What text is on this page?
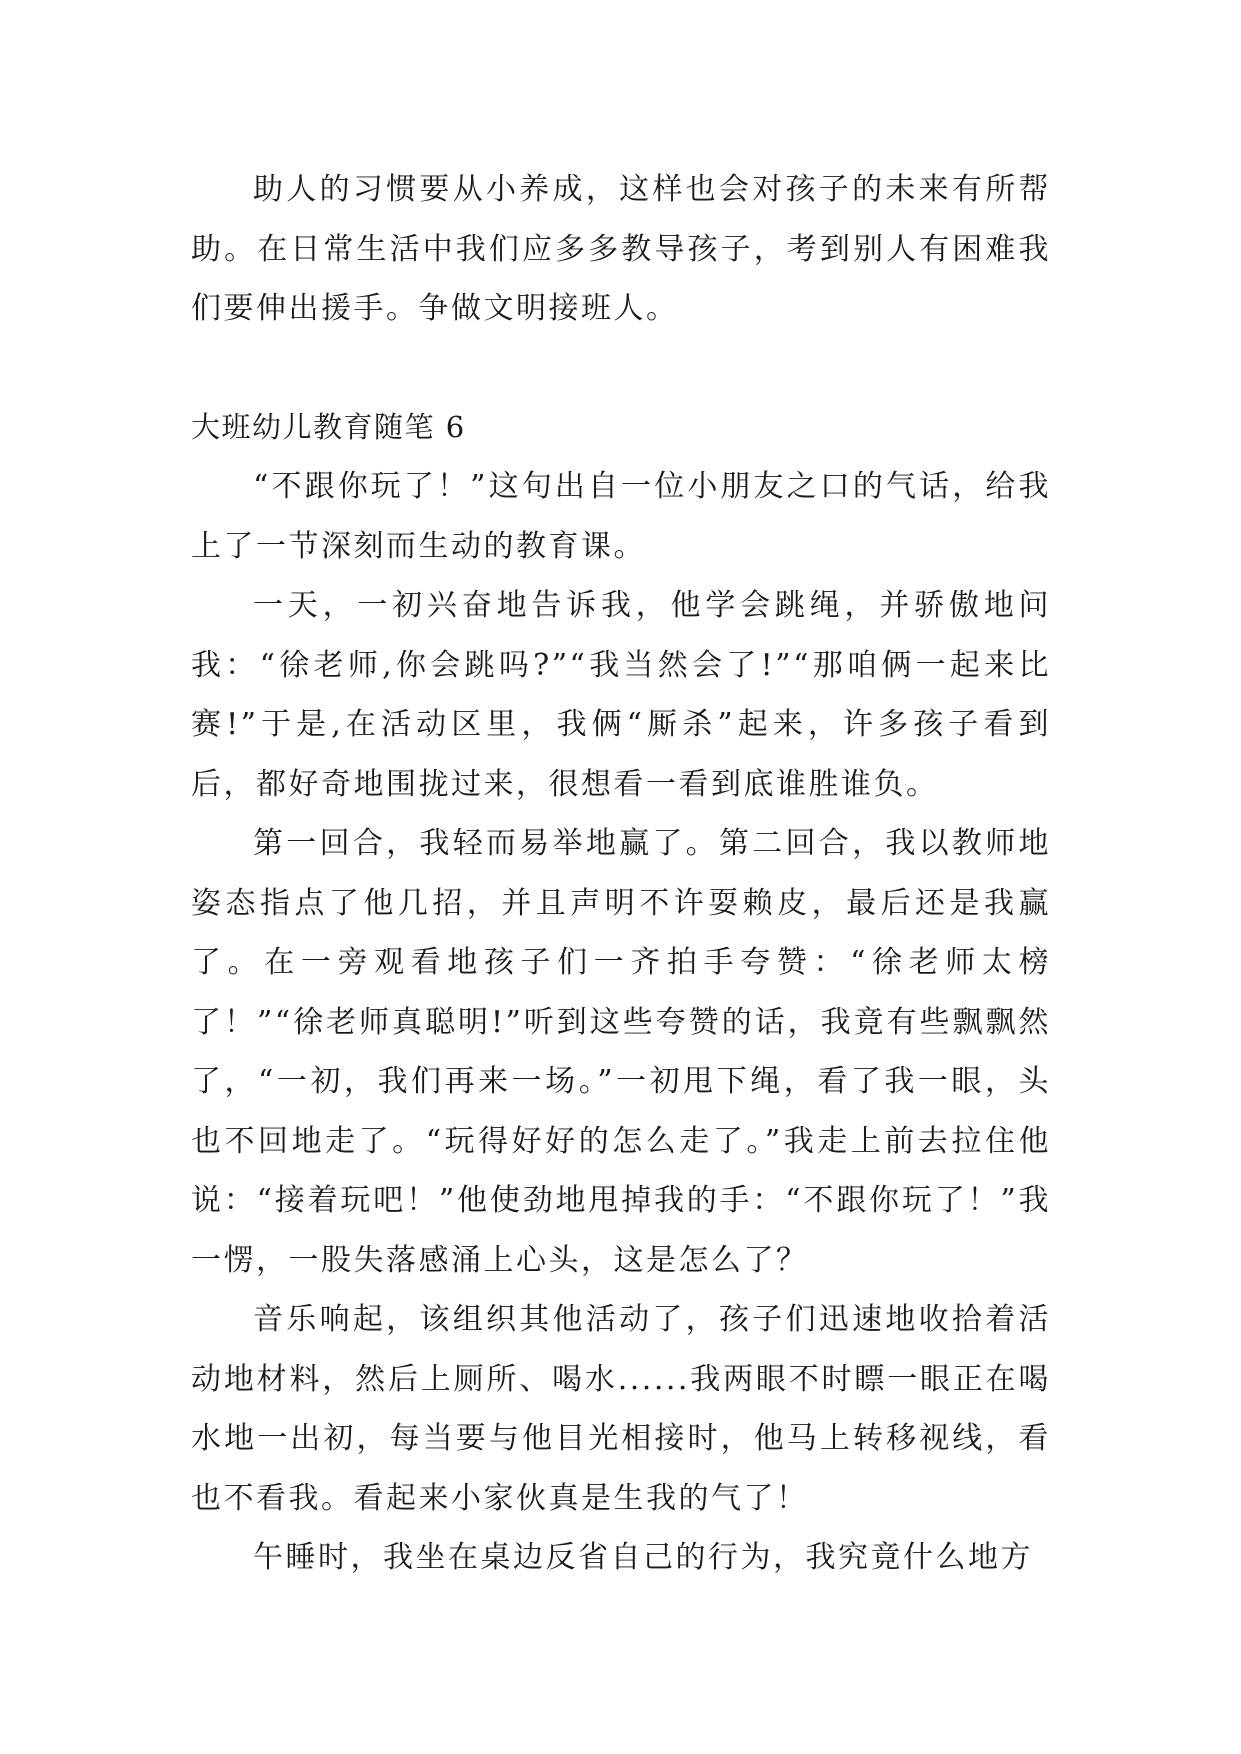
助人的习惯要从小养成，这样也会对孩子的未来有所帮助。在日常生活中我们应多多教导孩子，考到别人有困难我们要伸出援手。争做文明接班人。

大班幼儿教育随笔 6

“不跟你玩了！”这句出自一位小朋友之口的气话，给我上了一节深刻而生动的教育课。

一天，一初兴奋地告诉我，他学会跳绳，并骄傲地问我：“徐老师,你会跳吗?”“我当然会了!”“那咱俩一起来比赛!”于是,在活动区里，我俩“厮杀”起来，许多孩子看到后，都好奇地围拢过来，很想看一看到底谁胜谁负。

第一回合，我轻而易举地赢了。第二回合，我以教师地姿态指点了他几招，并且声明不许耍赖皮，最后还是我赢了。在一旁观看地孩子们一齐拍手夸赞：“徐老师太榜了！”“徐老师真聪明!”听到这些夸赞的话，我竟有些飘飘然了，“一初，我们再来一场。”一初甩下绳，看了我一眼，头也不回地走了。“玩得好好的怎么走了。”我走上前去拉住他说：“接着玩吧！”他使劲地甩掉我的手：“不跟你玩了！”我一愣，一股失落感涌上心头，这是怎么了？

音乐响起，该组织其他活动了，孩子们迅速地收拾着活动地材料，然后上厕所、喝水......我两眼不时瞟一眼正在喝水地一出初，每当要与他目光相接时，他马上转移视线，看也不看我。看起来小家伙真是生我的气了！

午睡时，我坐在桌边反省自己的行为，我究竟什么地方
